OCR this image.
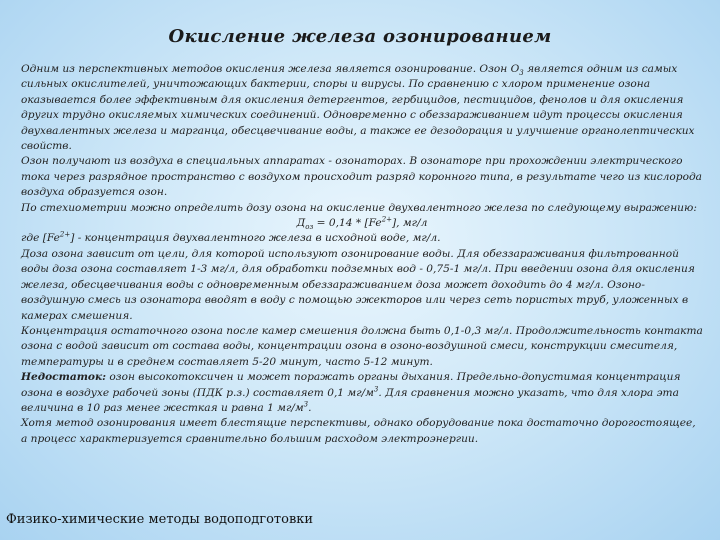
Окисление железа озонированием

Одним из перспективных методов окисления железа является озонирование. Озон $О_3$ является одним из самых сильных окислителей, уничтожающих бактерии, споры и вирусы. По сравнению с хлором применение озона оказывается более эффективным для окисления детергентов, гербицидов, пестицидов, фенолов и для окисления других трудно окисляемых химических соединений. Одновременно с обеззараживанием идут процессы окисления двухвалентных железа и марганца, обесцвечивание воды, а также ее дезодорация и улучшение органолептических свойств.

Озон получают из воздуха в специальных аппаратах - озонаторах. В озонаторе при прохождении электрического тока через разрядное пространство с воздухом происходит разряд коронного типа, в результате чего из кислорода воздуха образуется озон.

По стехиометрии можно определить дозу озона на окисление двухвалентного железа по следующему выражению:

$Д_{оз} = 0,14 * [Fe^{2+}]$, мг/л

где $[Fe^{2+}]$ - концентрация двухвалентного железа в исходной воде, мг/л.

Доза озона зависит от цели, для которой используют озонирование воды. Для обеззараживания фильтрованной воды доза озона составляет 1-3 мг/л, для обработки подземных вод - 0,75-1 мг/л. При введении озона для окисления железа, обесцвечивания воды с одновременным обеззараживанием доза может доходить до 4 мг/л. Озоно-воздушную смесь из озонатора вводят в воду с помощью эжекторов или через сеть пористых труб, уложенных в камерах смешения.

Концентрация остаточного озона после камер смешения должна быть 0,1-0,3 мг/л. Продолжительность контакта озона с водой зависит от состава воды, концентрации озона в озоно-воздушной смеси, конструкции смесителя, температуры и в среднем составляет 5-20 минут, часто 5-12 минут.

Недостаток: озон высокотоксичен и может поражать органы дыхания. Предельно-допустимая концентрация озона в воздухе рабочей зоны (ПДК р.з.) составляет 0,1 $мг/м^3$. Для сравнения можно указать, что для хлора эта величина в 10 раз менее жесткая и равна 1 $мг/м^3$.

Хотя метод озонирования имеет блестящие перспективы, однако оборудование пока достаточно дорогостоящее, а процесс характеризуется сравнительно большим расходом электроэнергии.

Физико-химические методы водоподготовки
